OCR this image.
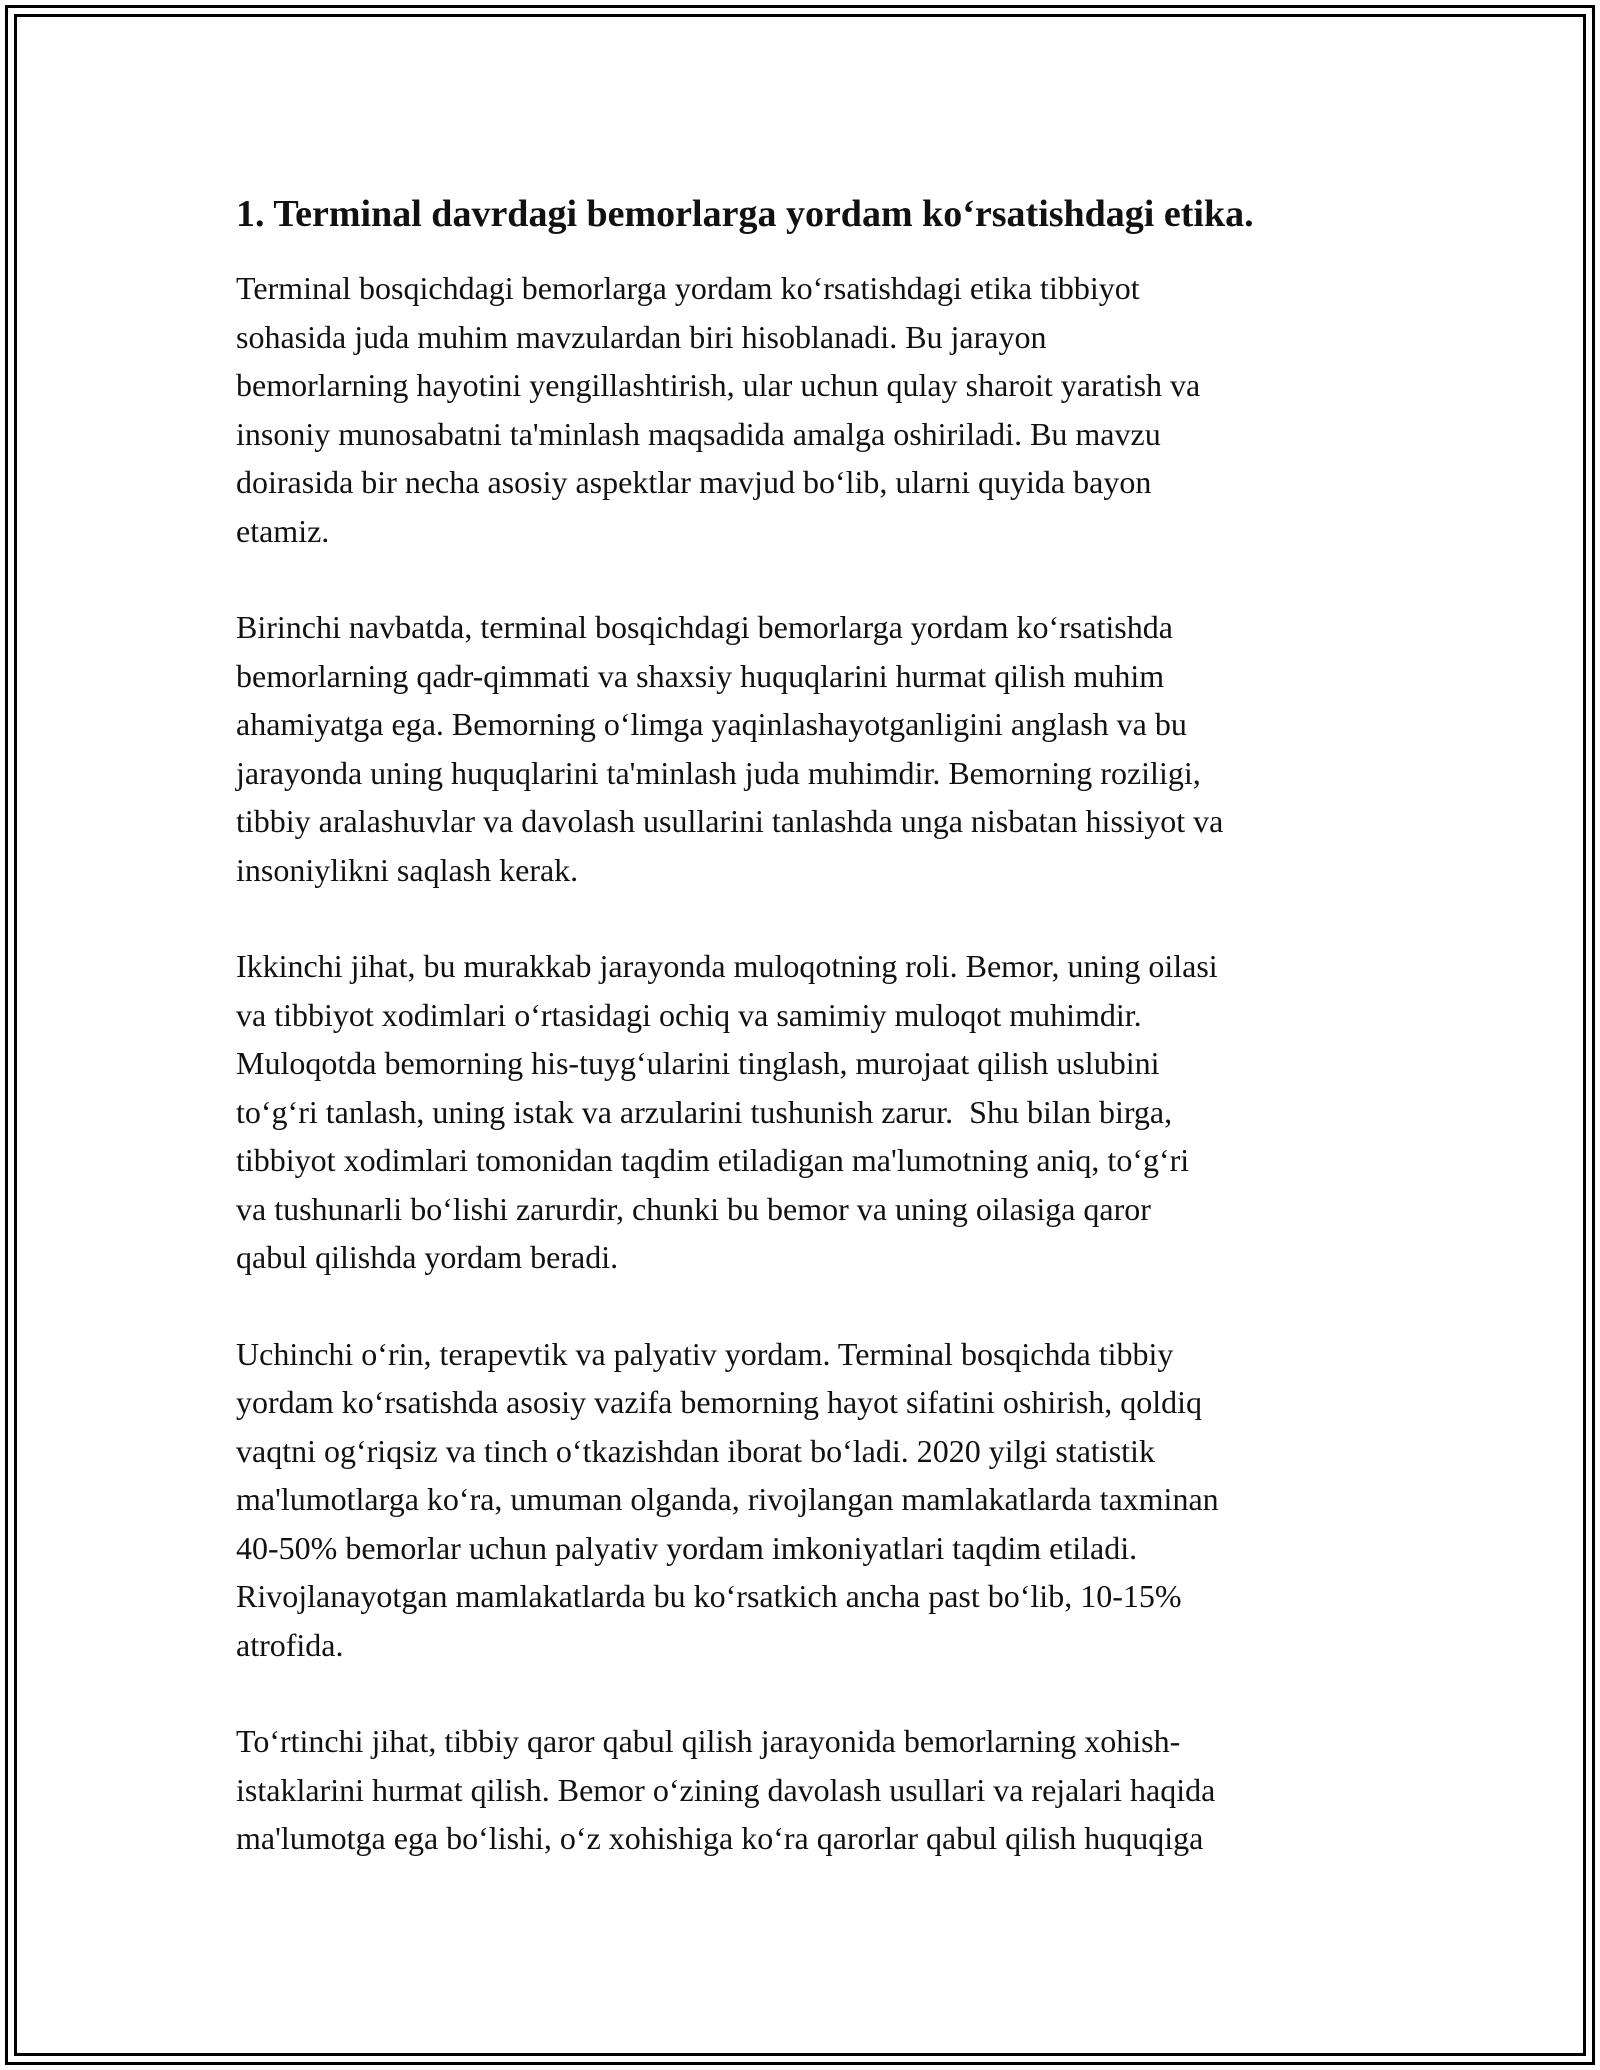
1. Terminal davrdagi bemorlarga yordam ko‘rsatishdagi etika.

Terminal bosqichdagi bemorlarga yordam ko‘rsatishdagi etika tibbiyot
sohasida juda muhim mavzulardan biri hisoblanadi. Bu jarayon
bemorlarning hayotini yengillashtirish, ular uchun qulay sharoit yaratish va
insoniy munosabatni ta'minlash maqsadida amalga oshiriladi. Bu mavzu
doirasida bir necha asosiy aspektlar mavjud bo‘lib, ularni quyida bayon
etamiz.

Birinchi navbatda, terminal bosqichdagi bemorlarga yordam ko‘rsatishda
bemorlarning qadr-qimmati va shaxsiy huquqlarini hurmat qilish muhim
ahamiyatga ega. Bemorning o‘limga yaqinlashayotganligini anglash va bu
jarayonda uning huquqlarini ta'minlash juda muhimdir. Bemorning roziligi,
tibbiy aralashuvlar va davolash usullarini tanlashda unga nisbatan hissiyot va
insoniylikni saqlash kerak.

Ikkinchi jihat, bu murakkab jarayonda muloqotning roli. Bemor, uning oilasi
va tibbiyot xodimlari o‘rtasidagi ochiq va samimiy muloqot muhimdir.
Muloqotda bemorning his-tuyg‘ularini tinglash, murojaat qilish uslubini
to‘g‘ri tanlash, uning istak va arzularini tushunish zarur.  Shu bilan birga,
tibbiyot xodimlari tomonidan taqdim etiladigan ma'lumotning aniq, to‘g‘ri
va tushunarli bo‘lishi zarurdir, chunki bu bemor va uning oilasiga qaror
qabul qilishda yordam beradi.

Uchinchi o‘rin, terapevtik va palyativ yordam. Terminal bosqichda tibbiy
yordam ko‘rsatishda asosiy vazifa bemorning hayot sifatini oshirish, qoldiq
vaqtni og‘riqsiz va tinch o‘tkazishdan iborat bo‘ladi. 2020 yilgi statistik
ma'lumotlarga ko‘ra, umuman olganda, rivojlangan mamlakatlarda taxminan
40-50% bemorlar uchun palyativ yordam imkoniyatlari taqdim etiladi.
Rivojlanayotgan mamlakatlarda bu ko‘rsatkich ancha past bo‘lib, 10-15%
atrofida.

To‘rtinchi jihat, tibbiy qaror qabul qilish jarayonida bemorlarning xohish-
istaklarini hurmat qilish. Bemor o‘zining davolash usullari va rejalari haqida
ma'lumotga ega bo‘lishi, o‘z xohishiga ko‘ra qarorlar qabul qilish huquqiga
